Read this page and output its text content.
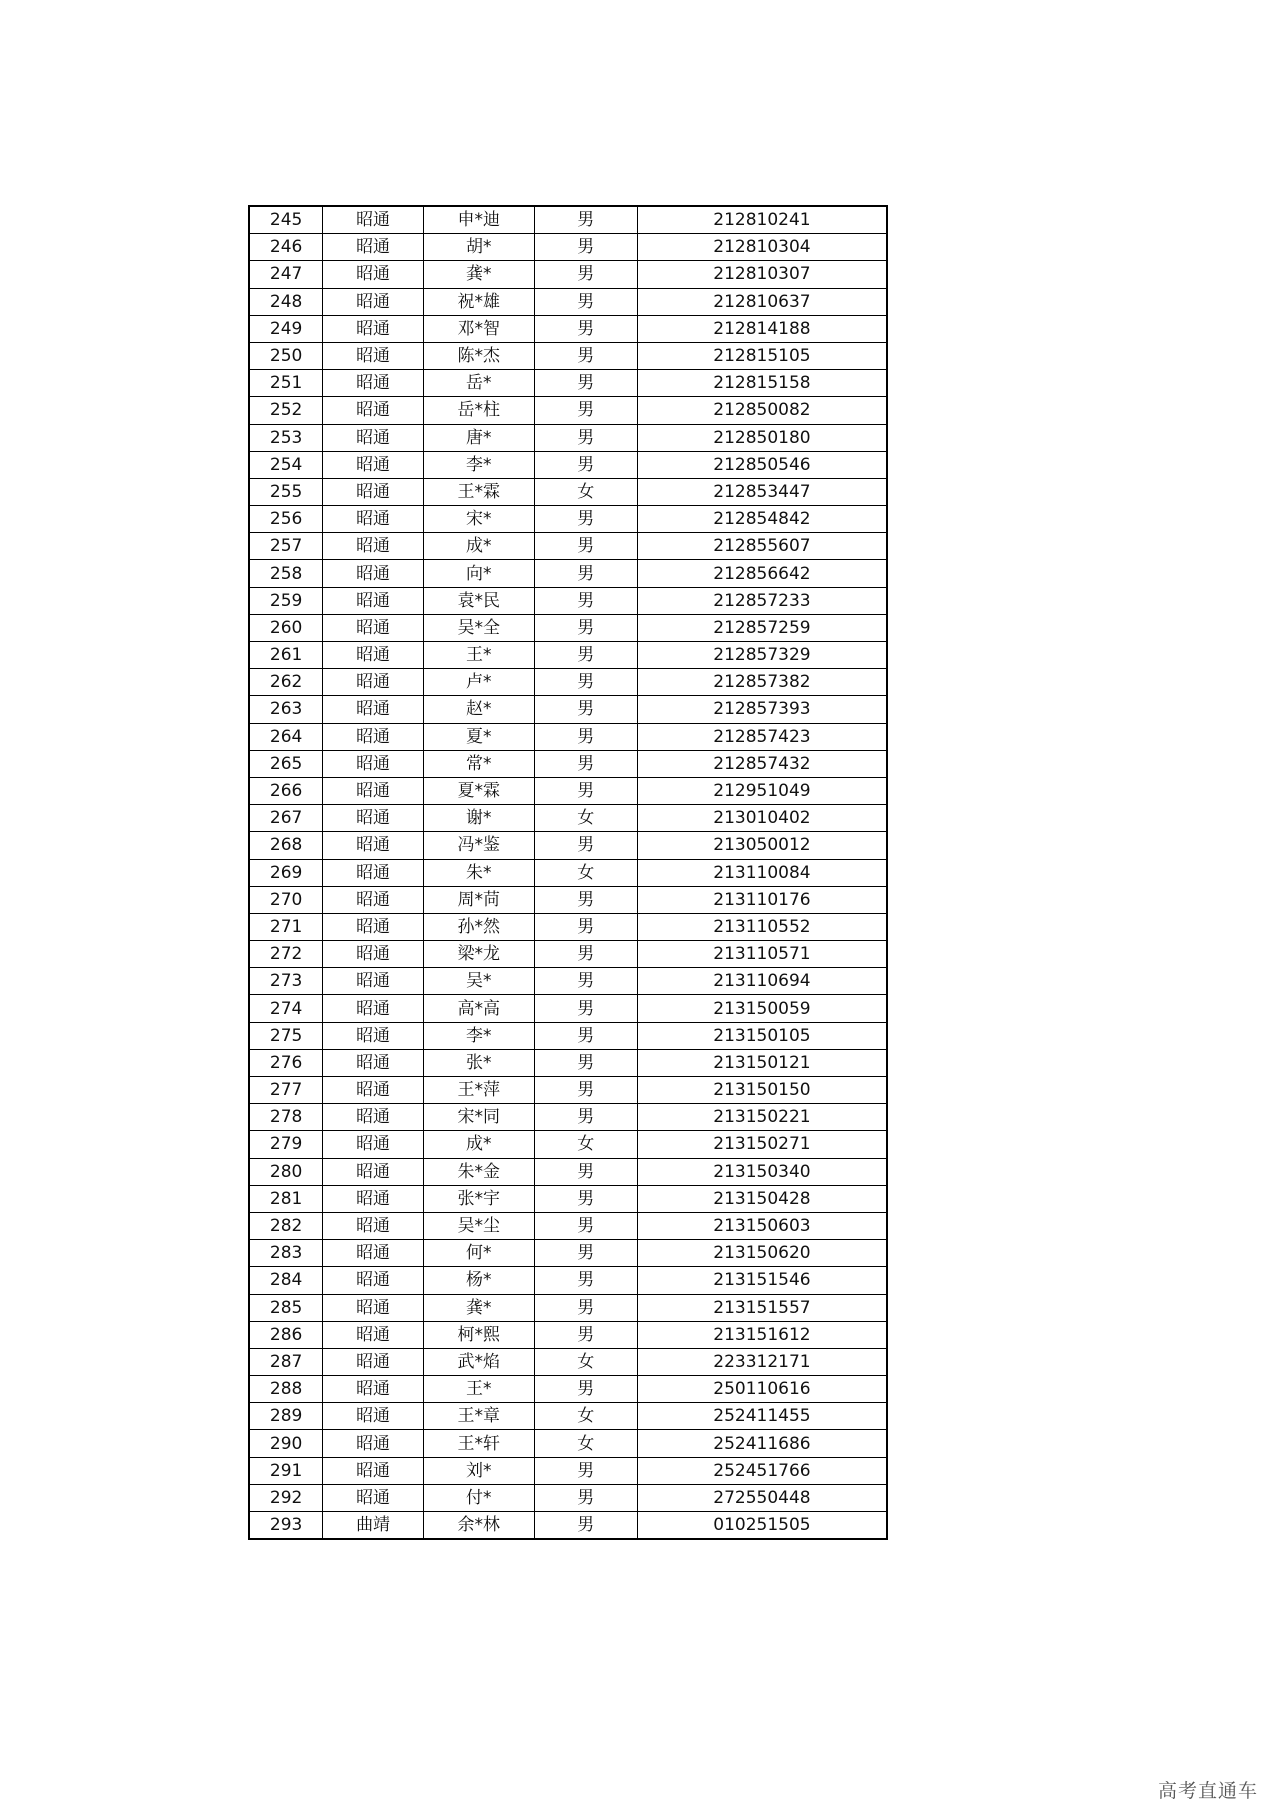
245	昭通	申*迪	男	212810241
246	昭通	胡*	男	212810304
247	昭通	龚*	男	212810307
248	昭通	祝*雄	男	212810637
249	昭通	邓*智	男	212814188
250	昭通	陈*杰	男	212815105
251	昭通	岳*	男	212815158
252	昭通	岳*柱	男	212850082
253	昭通	唐*	男	212850180
254	昭通	李*	男	212850546
255	昭通	王*霖	女	212853447
256	昭通	宋*	男	212854842
257	昭通	成*	男	212855607
258	昭通	向*	男	212856642
259	昭通	袁*民	男	212857233
260	昭通	吴*全	男	212857259
261	昭通	王*	男	212857329
262	昭通	卢*	男	212857382
263	昭通	赵*	男	212857393
264	昭通	夏*	男	212857423
265	昭通	常*	男	212857432
266	昭通	夏*霖	男	212951049
267	昭通	谢*	女	213010402
268	昭通	冯*鉴	男	213050012
269	昭通	朱*	女	213110084
270	昭通	周*苘	男	213110176
271	昭通	孙*然	男	213110552
272	昭通	梁*龙	男	213110571
273	昭通	吴*	男	213110694
274	昭通	高*高	男	213150059
275	昭通	李*	男	213150105
276	昭通	张*	男	213150121
277	昭通	王*萍	男	213150150
278	昭通	宋*同	男	213150221
279	昭通	成*	女	213150271
280	昭通	朱*金	男	213150340
281	昭通	张*宇	男	213150428
282	昭通	吴*尘	男	213150603
283	昭通	何*	男	213150620
284	昭通	杨*	男	213151546
285	昭通	龚*	男	213151557
286	昭通	柯*熙	男	213151612
287	昭通	武*焰	女	223312171
288	昭通	王*	男	250110616
289	昭通	王*章	女	252411455
290	昭通	王*轩	女	252411686
291	昭通	刘*	男	252451766
292	昭通	付*	男	272550448
293	曲靖	余*林	男	010251505
高考直通车
